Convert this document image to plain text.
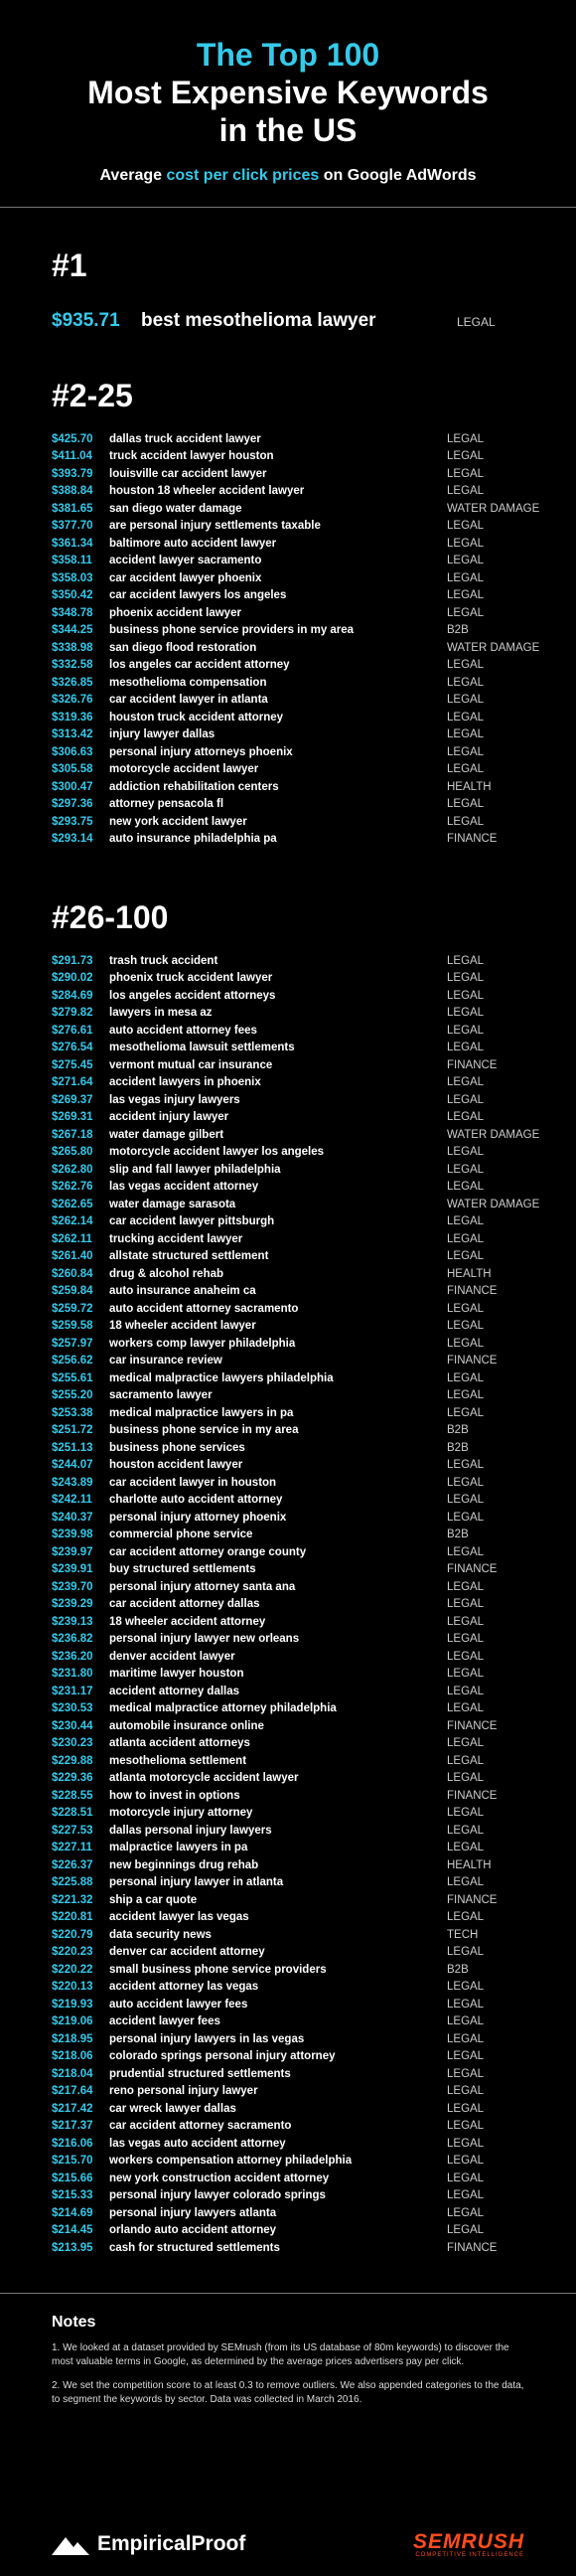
The Top 100
Most Expensive Keywords
in the US
Average cost per click prices on Google AdWords
#1
$935.71	best mesothelioma lawyer	LEGAL
#2-25
$425.70	dallas truck accident lawyer	LEGAL
$411.04	truck accident lawyer houston	LEGAL
$393.79	louisville car accident lawyer	LEGAL
$388.84	houston 18 wheeler accident lawyer	LEGAL
$381.65	san diego water damage	WATER DAMAGE
$377.70	are personal injury settlements taxable	LEGAL
$361.34	baltimore auto accident lawyer	LEGAL
$358.11	accident lawyer sacramento	LEGAL
$358.03	car accident lawyer phoenix	LEGAL
$350.42	car accident lawyers los angeles	LEGAL
$348.78	phoenix accident lawyer	LEGAL
$344.25	business phone service providers in my area	B2B
$338.98	san diego flood restoration	WATER DAMAGE
$332.58	los angeles car accident attorney	LEGAL
$326.85	mesothelioma compensation	LEGAL
$326.76	car accident lawyer in atlanta	LEGAL
$319.36	houston truck accident attorney	LEGAL
$313.42	injury lawyer dallas	LEGAL
$306.63	personal injury attorneys phoenix	LEGAL
$305.58	motorcycle accident lawyer	LEGAL
$300.47	addiction rehabilitation centers	HEALTH
$297.36	attorney pensacola fl	LEGAL
$293.75	new york accident lawyer	LEGAL
$293.14	auto insurance philadelphia pa	FINANCE
#26-100
$291.73	trash truck accident	LEGAL
$290.02	phoenix truck accident lawyer	LEGAL
$284.69	los angeles accident attorneys	LEGAL
$279.82	lawyers in mesa az	LEGAL
$276.61	auto accident attorney fees	LEGAL
$276.54	mesothelioma lawsuit settlements	LEGAL
$275.45	vermont mutual car insurance	FINANCE
$271.64	accident lawyers in phoenix	LEGAL
$269.37	las vegas injury lawyers	LEGAL
$269.31	accident injury lawyer	LEGAL
$267.18	water damage gilbert	WATER DAMAGE
$265.80	motorcycle accident lawyer los angeles	LEGAL
$262.80	slip and fall lawyer philadelphia	LEGAL
$262.76	las vegas accident attorney	LEGAL
$262.65	water damage sarasota	WATER DAMAGE
$262.14	car accident lawyer pittsburgh	LEGAL
$262.11	trucking accident lawyer	LEGAL
$261.40	allstate structured settlement	LEGAL
$260.84	drug & alcohol rehab	HEALTH
$259.84	auto insurance anaheim ca	FINANCE
$259.72	auto accident attorney sacramento	LEGAL
$259.58	18 wheeler accident lawyer	LEGAL
$257.97	workers comp lawyer philadelphia	LEGAL
$256.62	car insurance review	FINANCE
$255.61	medical malpractice lawyers philadelphia	LEGAL
$255.20	sacramento lawyer	LEGAL
$253.38	medical malpractice lawyers in pa	LEGAL
$251.72	business phone service in my area	B2B
$251.13	business phone services	B2B
$244.07	houston accident lawyer	LEGAL
$243.89	car accident lawyer in houston	LEGAL
$242.11	charlotte auto accident attorney	LEGAL
$240.37	personal injury attorney phoenix	LEGAL
$239.98	commercial phone service	B2B
$239.97	car accident attorney orange county	LEGAL
$239.91	buy structured settlements	FINANCE
$239.70	personal injury attorney santa ana	LEGAL
$239.29	car accident attorney dallas	LEGAL
$239.13	18 wheeler accident attorney	LEGAL
$236.82	personal injury lawyer new orleans	LEGAL
$236.20	denver accident lawyer	LEGAL
$231.80	maritime lawyer houston	LEGAL
$231.17	accident attorney dallas	LEGAL
$230.53	medical malpractice attorney philadelphia	LEGAL
$230.44	automobile insurance online	FINANCE
$230.23	atlanta accident attorneys	LEGAL
$229.88	mesothelioma settlement	LEGAL
$229.36	atlanta motorcycle accident lawyer	LEGAL
$228.55	how to invest in options	FINANCE
$228.51	motorcycle injury attorney	LEGAL
$227.53	dallas personal injury lawyers	LEGAL
$227.11	malpractice lawyers in pa	LEGAL
$226.37	new beginnings drug rehab	HEALTH
$225.88	personal injury lawyer in atlanta	LEGAL
$221.32	ship a car quote	FINANCE
$220.81	accident lawyer las vegas	LEGAL
$220.79	data security news	TECH
$220.23	denver car accident attorney	LEGAL
$220.22	small business phone service providers	B2B
$220.13	accident attorney las vegas	LEGAL
$219.93	auto accident lawyer fees	LEGAL
$219.06	accident lawyer fees	LEGAL
$218.95	personal injury lawyers in las vegas	LEGAL
$218.06	colorado springs personal injury attorney	LEGAL
$218.04	prudential structured settlements	LEGAL
$217.64	reno personal injury lawyer	LEGAL
$217.42	car wreck lawyer dallas	LEGAL
$217.37	car accident attorney sacramento	LEGAL
$216.06	las vegas auto accident attorney	LEGAL
$215.70	workers compensation attorney philadelphia	LEGAL
$215.66	new york construction accident attorney	LEGAL
$215.33	personal injury lawyer colorado springs	LEGAL
$214.69	personal injury lawyers atlanta	LEGAL
$214.45	orlando auto accident attorney	LEGAL
$213.95	cash for structured settlements	FINANCE
Notes
1. We looked at a dataset provided by SEMrush (from its US database of 80m keywords) to discover the most valuable terms in Google, as determined by the average prices advertisers pay per click.
2. We set the competition score to at least 0.3 to remove outliers. We also appended categories to the data, to segment the keywords by sector. Data was collected in March 2016.
EmpiricalProof	SEMRUSH
COMPETITIVE INTELLIGENCE
